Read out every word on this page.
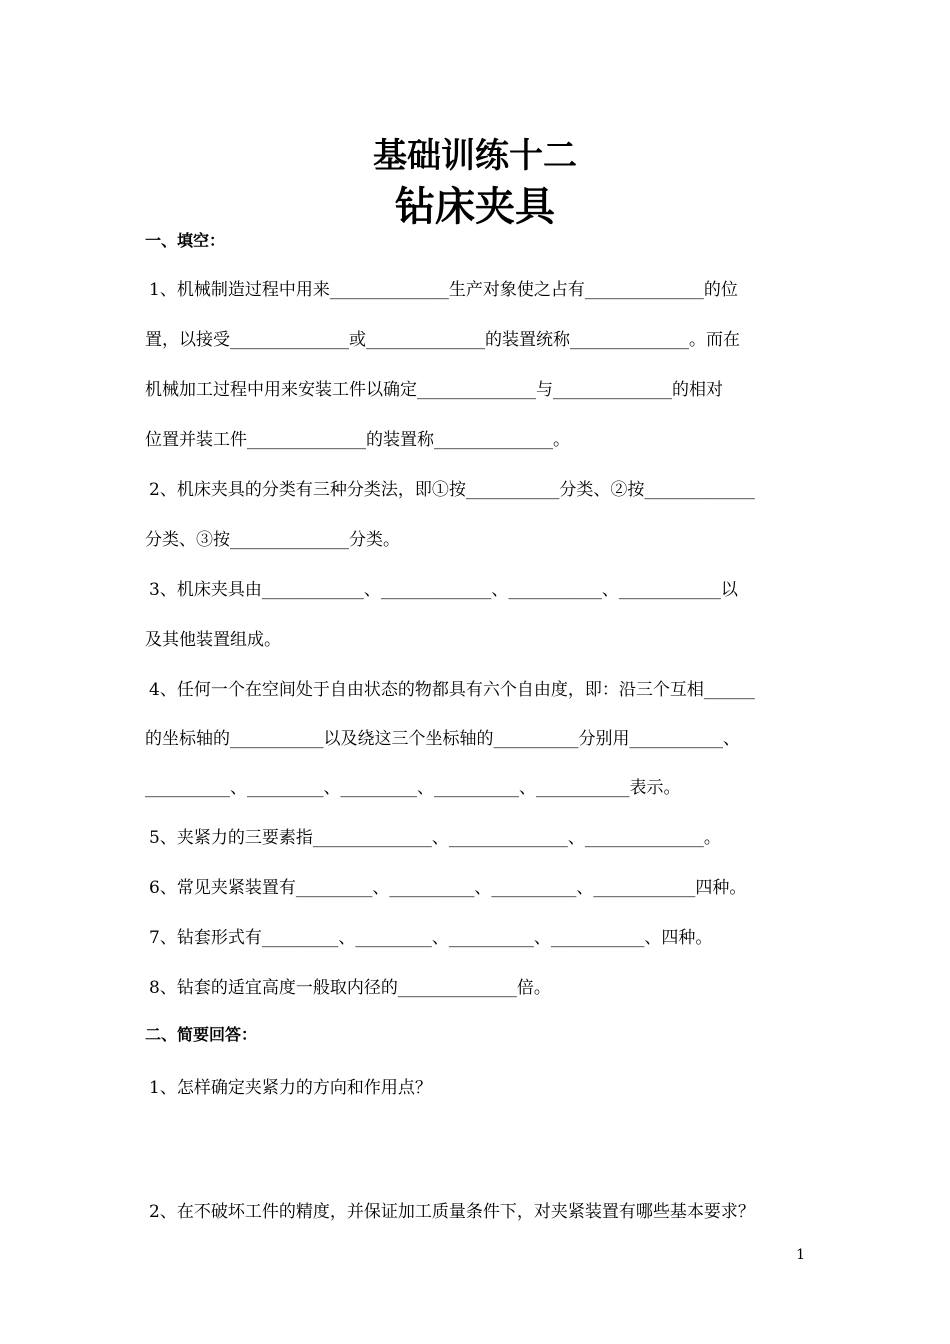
基础训练十二
钻床夹具
一、填空：
1、机械制造过程中用来______________生产对象使之占有______________的位
置，以接受______________或______________的装置统称______________。而在
机械加工过程中用来安装工件以确定______________与______________的相对
位置并装工件______________的装置称______________。
2、机床夹具的分类有三种分类法，即①按___________分类、②按_____________
分类、③按______________分类。
3、机床夹具由____________、_____________、___________、____________以
及其他装置组成。
4、任何一个在空间处于自由状态的物都具有六个自由度，即：沿三个互相______
的坐标轴的___________以及绕这三个坐标轴的__________分别用___________、
__________、_________、_________、__________、___________表示。
5、夹紧力的三要素指______________、______________、______________。
6、常见夹紧装置有_________、__________、__________、____________四种。
7、钻套形式有_________、_________、__________、___________、四种。
8、钻套的适宜高度一般取内径的______________倍。
二、简要回答：
1、怎样确定夹紧力的方向和作用点？
2、在不破坏工件的精度，并保证加工质量条件下，对夹紧装置有哪些基本要求？
1
